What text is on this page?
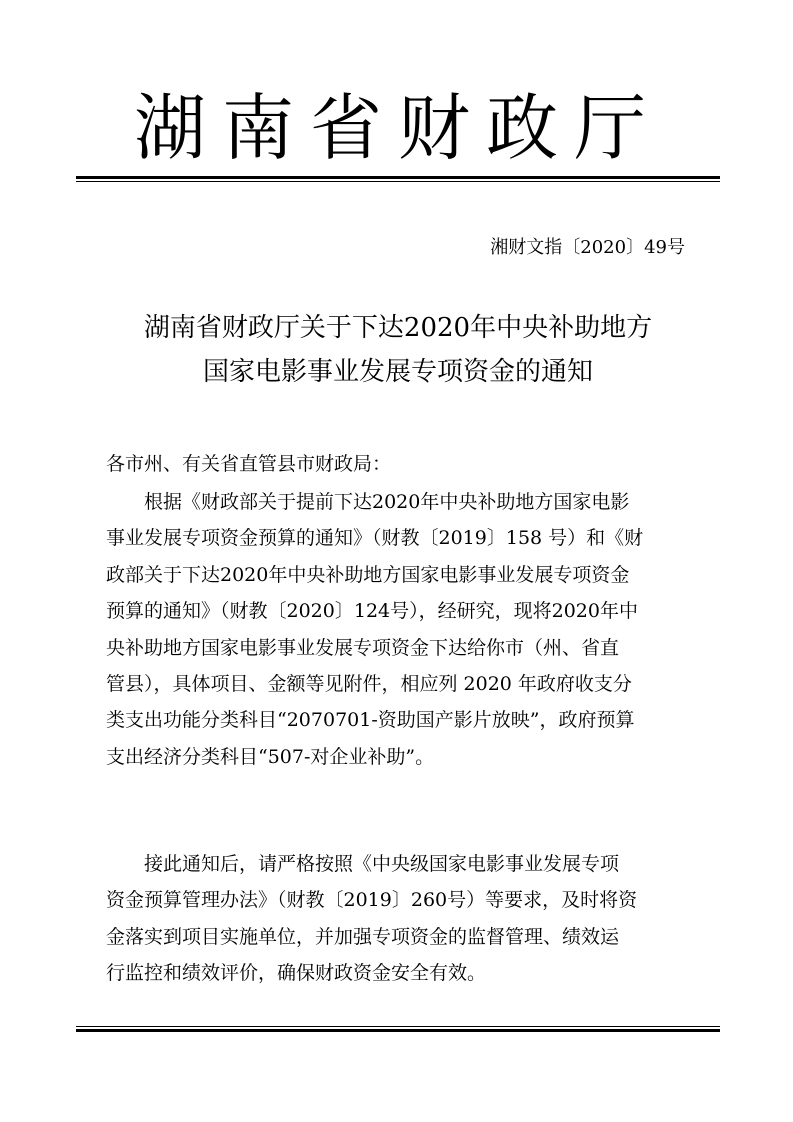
湖南省财政厅
湘财文指〔2020〕49号
湖南省财政厅关于下达2020年中央补助地方
国家电影事业发展专项资金的通知
各市州、有关省直管县市财政局：
根据《财政部关于提前下达2020年中央补助地方国家电影
事业发展专项资金预算的通知》（财教〔2019〕158 号）和《财
政部关于下达2020年中央补助地方国家电影事业发展专项资金
预算的通知》（财教〔2020〕124号），经研究，现将2020年中
央补助地方国家电影事业发展专项资金下达给你市（州、省直
管县），具体项目、金额等见附件，相应列 2020 年政府收支分
类支出功能分类科目“2070701-资助国产影片放映”，政府预算
支出经济分类科目“507-对企业补助”。
接此通知后，请严格按照《中央级国家电影事业发展专项
资金预算管理办法》（财教〔2019〕260号）等要求，及时将资
金落实到项目实施单位，并加强专项资金的监督管理、绩效运
行监控和绩效评价，确保财政资金安全有效。
